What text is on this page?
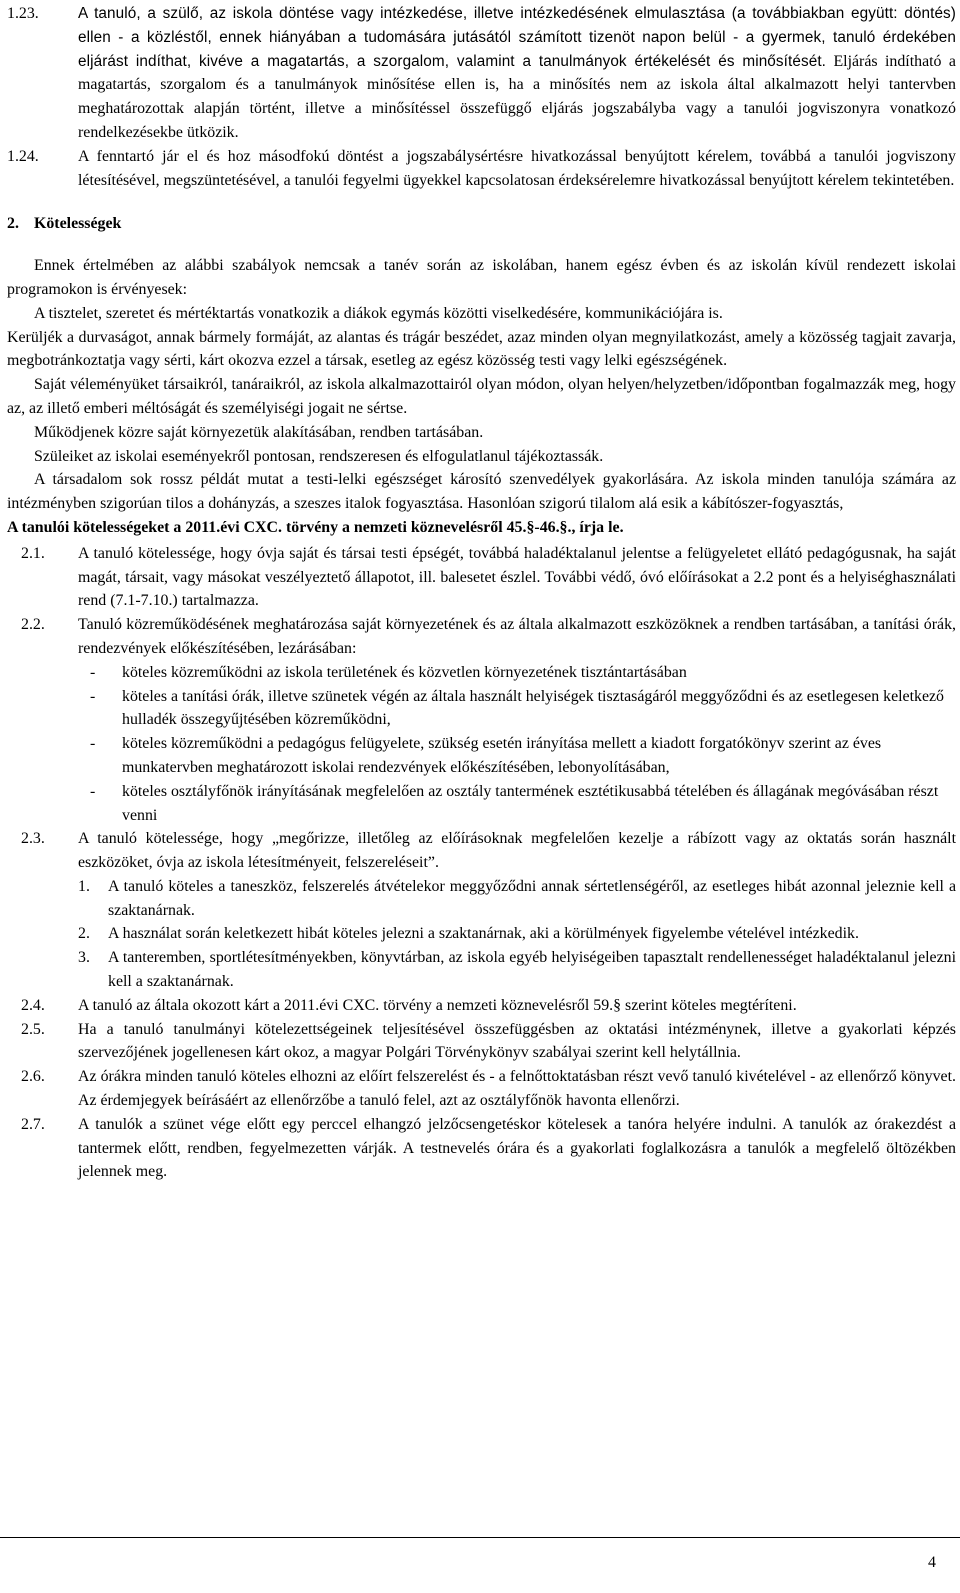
1.23.	A tanuló, a szülő, az iskola döntése vagy intézkedése, illetve intézkedésének elmulasztása (a továbbiakban együtt: döntés) ellen - a közléstől, ennek hiányában a tudomására jutásától számított tizenöt napon belül - a gyermek, tanuló érdekében eljárást indíthat, kivéve a magatartás, a szorgalom, valamint a tanulmányok értékelését és minősítését. Eljárás indítható a magatartás, szorgalom és a tanulmányok minősítése ellen is, ha a minősítés nem az iskola által alkalmazott helyi tantervben meghatározottak alapján történt, illetve a minősítéssel összefüggő eljárás jogszabályba vagy a tanulói jogviszonyra vonatkozó rendelkezésekbe ütközik.
1.24. A fenntartó jár el és hoz másodfokú döntést a jogszabálysértésre hivatkozással benyújtott kérelem, továbbá a tanulói jogviszony létesítésével, megszüntetésével, a tanulói fegyelmi ügyekkel kapcsolatosan érdeksérelemre hivatkozással benyújtott kérelem tekintetében.
2. Kötelességek
Ennek értelmében az alábbi szabályok nemcsak a tanév során az iskolában, hanem egész évben és az iskolán kívül rendezett iskolai programokon is érvényesek:
A tisztelet, szeretet és mértéktartás vonatkozik a diákok egymás közötti viselkedésére, kommunikációjára is.
Kerüljék a durvaságot, annak bármely formáját, az alantas és trágár beszédet, azaz minden olyan megnyilatkozást, amely a közösség tagjait zavarja, megbotránkoztatja vagy sérti, kárt okozva ezzel a társak, esetleg az egész közösség testi vagy lelki egészségének.
Saját véleményüket társaikról, tanáraikról, az iskola alkalmazottairól olyan módon, olyan helyen/helyzetben/időpontban fogalmazzák meg, hogy az, az illető emberi méltóságát és személyiségi jogait ne sértse.
Működjenek közre saját környezetük alakításában, rendben tartásában.
Szüleiket az iskolai eseményekről pontosan, rendszeresen és elfogulatlanul tájékoztassák.
A társadalom sok rossz példát mutat a testi-lelki egészséget károsító szenvedélyek gyakorlására. Az iskola minden tanulója számára az intézményben szigorúan tilos a dohányzás, a szeszes italok fogyasztása. Hasonlóan szigorú tilalom alá esik a kábítószer-fogyasztás,
A tanulói kötelességeket a 2011.évi CXC. törvény a nemzeti köznevelésről 45.§-46.§., írja le.
2.1. A tanuló kötelessége, hogy óvja saját és társai testi épségét, továbbá haladéktalanul jelentse a felügyeletet ellátó pedagógusnak, ha saját magát, társait, vagy másokat veszélyeztető állapotot, ill. balesetet észlel. További védő, óvó előírásokat a 2.2 pont és a helyiséghasználati rend (7.1-7.10.) tartalmazza.
2.2. Tanuló közreműködésének meghatározása saját környezetének és az általa alkalmazott eszközöknek a rendben tartásában, a tanítási órák, rendezvények előkészítésében, lezárásában:
- köteles közreműködni az iskola területének és közvetlen környezetének tisztántartásában
- köteles a tanítási órák, illetve szünetek végén az általa használt helyiségek tisztaságáról meggyőződni és az esetlegesen keletkező hulladék összegyűjtésében közreműködni,
- köteles közreműködni a pedagógus felügyelete, szükség esetén irányítása mellett a kiadott forgatókönyv szerint az éves munkatervben meghatározott iskolai rendezvények előkészítésében, lebonyolításában,
- köteles osztályfőnök irányításának megfelelően az osztály tantermének esztétikusabbá tételében és állagának megóvásában részt venni
2.3. A tanuló kötelessége, hogy „megőrizze, illetőleg az előírásoknak megfelelően kezelje a rábízott vagy az oktatás során használt eszközöket, óvja az iskola létesítményeit, felszereléseit”.
1. A tanuló köteles a taneszköz, felszerelés átvételekor meggyőződni annak sértetlenségéről, az esetleges hibát azonnal jeleznie kell a szaktanárnak.
2. A használat során keletkezett hibát köteles jelezni a szaktanárnak, aki a körülmények figyelembe vételével intézkedik.
3. A tanteremben, sportlétesítményekben, könyvtárban, az iskola egyéb helyiségeiben tapasztalt rendellenességet haladéktalanul jelezni kell a szaktanárnak.
2.4. A tanuló az általa okozott kárt a 2011.évi CXC. törvény a nemzeti köznevelésről 59.§ szerint köteles megtéríteni.
2.5. Ha a tanuló tanulmányi kötelezettségeinek teljesítésével összefüggésben az oktatási intézménynek, illetve a gyakorlati képzés szervezőjének jogellenesen kárt okoz, a magyar Polgári Törvénykönyv szabályai szerint kell helytállnia.
2.6. Az órákra minden tanuló köteles elhozni az előírt felszerelést és - a felnőttoktatásban részt vevő tanuló kivételével - az ellenőrző könyvet. Az érdemjegyek beírásáért az ellenőrzőbe a tanuló felel, azt az osztályfőnök havonta ellenőrzi.
2.7. A tanulók a szünet vége előtt egy perccel elhangzó jelzőcsengetéskor kötelesek a tanóra helyére indulni. A tanulók az órakezdést a tantermek előtt, rendben, fegyelmezetten várják. A testnevelés órára és a gyakorlati foglalkozásra a tanulók a megfelelő öltözékben jelennek meg.
4
